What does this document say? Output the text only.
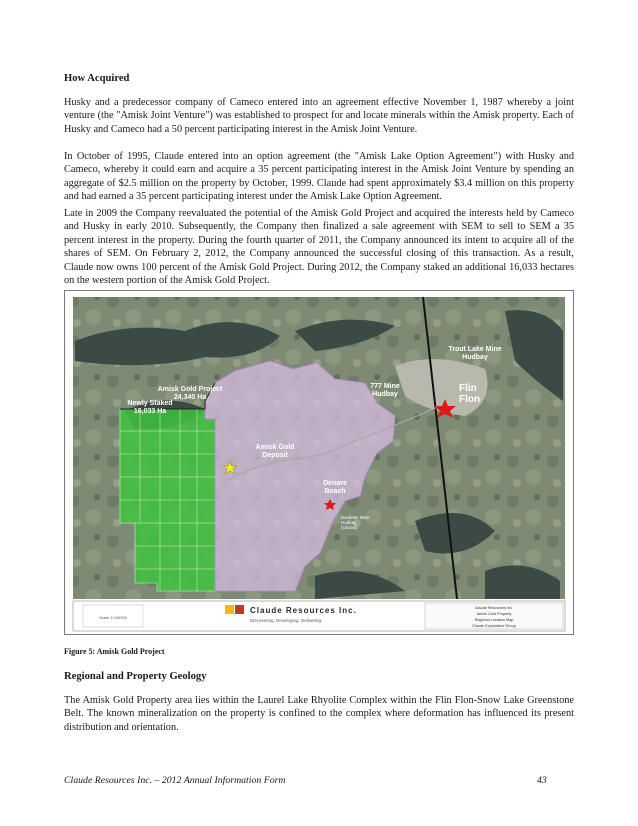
How Acquired

Husky and a predecessor company of Cameco entered into an agreement effective November 1, 1987 whereby a joint venture (the "Amisk Joint Venture") was established to prospect for and locate minerals within the Amisk property. Each of Husky and Cameco had a 50 percent participating interest in the Amisk Joint Venture.

In October of 1995, Claude entered into an option agreement (the "Amisk Lake Option Agreement") with Husky and Cameco, whereby it could earn and acquire a 35 percent participating interest in the Amisk Joint Venture by spending an aggregate of $2.5 million on the property by October, 1999. Claude had spent approximately $3.4 million on this property and had earned a 35 percent participating interest under the Amisk Lake Option Agreement.

Late in 2009 the Company reevaluated the potential of the Amisk Gold Project and acquired the interests held by Cameco and Husky in early 2010. Subsequently, the Company then finalized a sale agreement with SEM to sell to SEM a 35 percent interest in the property. During the fourth quarter of 2011, the Company announced its intent to acquire all of the shares of SEM. On February 2, 2012, the Company announced the successful closing of this transaction. As a result, Claude now owns 100 percent of the Amisk Gold Project. During 2012, the Company staked an additional 16,033 hectares on the western portion of the Amisk Gold Project.

Amisk Gold Project
24,340 Ha
Newly Staked
16,033 Ha
Amisk Gold
Deposit
Trout Lake Mine
Hudbay
777 Mine
Hudbay
Denare
Beach
Flin
Flon
Bootlake Mine
Hudbay
(closed)
Scale 1:100000
Claude Resources Inc.
Discovering. Developing. Delivering.
Claude Resources Inc.
Amisk Gold Property
Regional Location Map
Claude Exploration Group
Figure 5: Amisk Gold Project
Regional and Property Geology

The Amisk Gold Property area lies within the Laurel Lake Rhyolite Complex within the Flin Flon-Snow Lake Greenstone Belt. The known mineralization on the property is confined to the complex where deformation has influenced its present distribution and orientation.

Claude Resources Inc. – 2012 Annual Information Form	43
